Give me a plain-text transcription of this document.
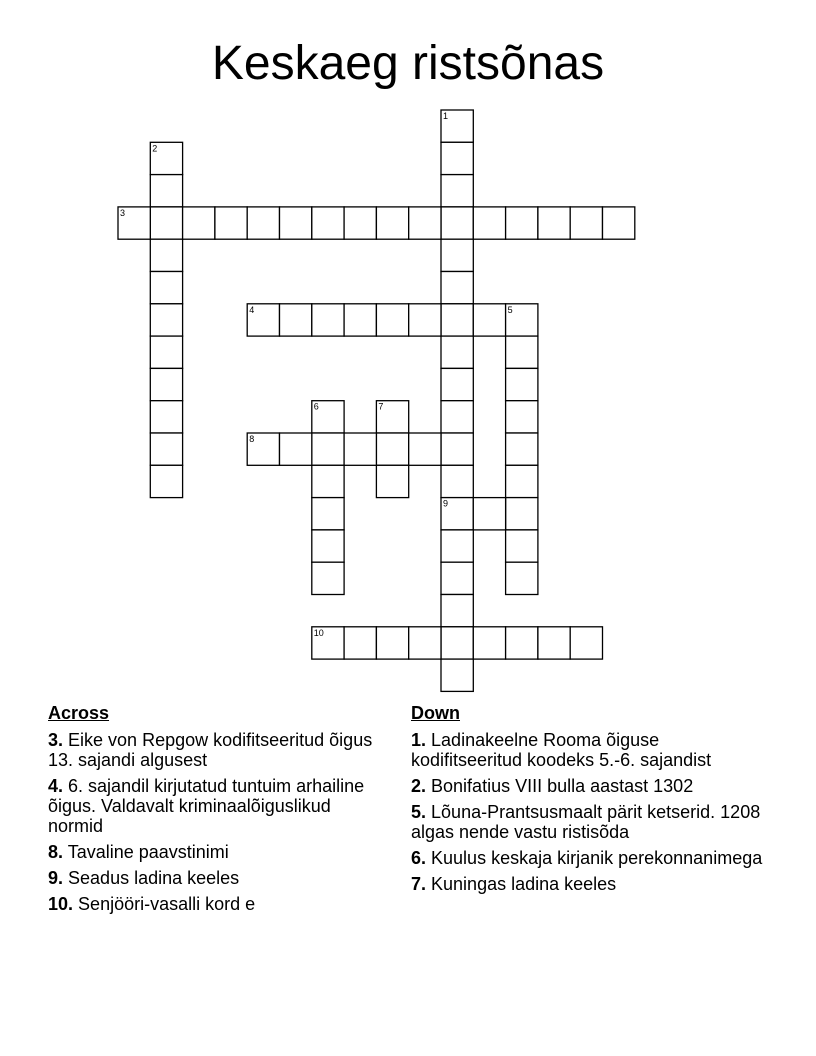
Keskaeg ristsõnas
1
2
3
4	5
6	7
8
9
10
Across
3. Eike von Repgow kodifitseeritud õigus 13. sajandi algusest
4. 6. sajandil kirjutatud tuntuim arhailine õigus. Valdavalt kriminaalõiguslikud normid
8. Tavaline paavstinimi
9. Seadus ladina keeles
10. Senjööri-vasalli kord e
Down
1. Ladinakeelne Rooma õiguse kodifitseeritud koodeks 5.-6. sajandist
2. Bonifatius VIII bulla aastast 1302
5. Lõuna-Prantsusmaalt pärit ketserid. 1208 algas nende vastu ristisõda
6. Kuulus keskaja kirjanik perekonnanimega
7. Kuningas ladina keeles
